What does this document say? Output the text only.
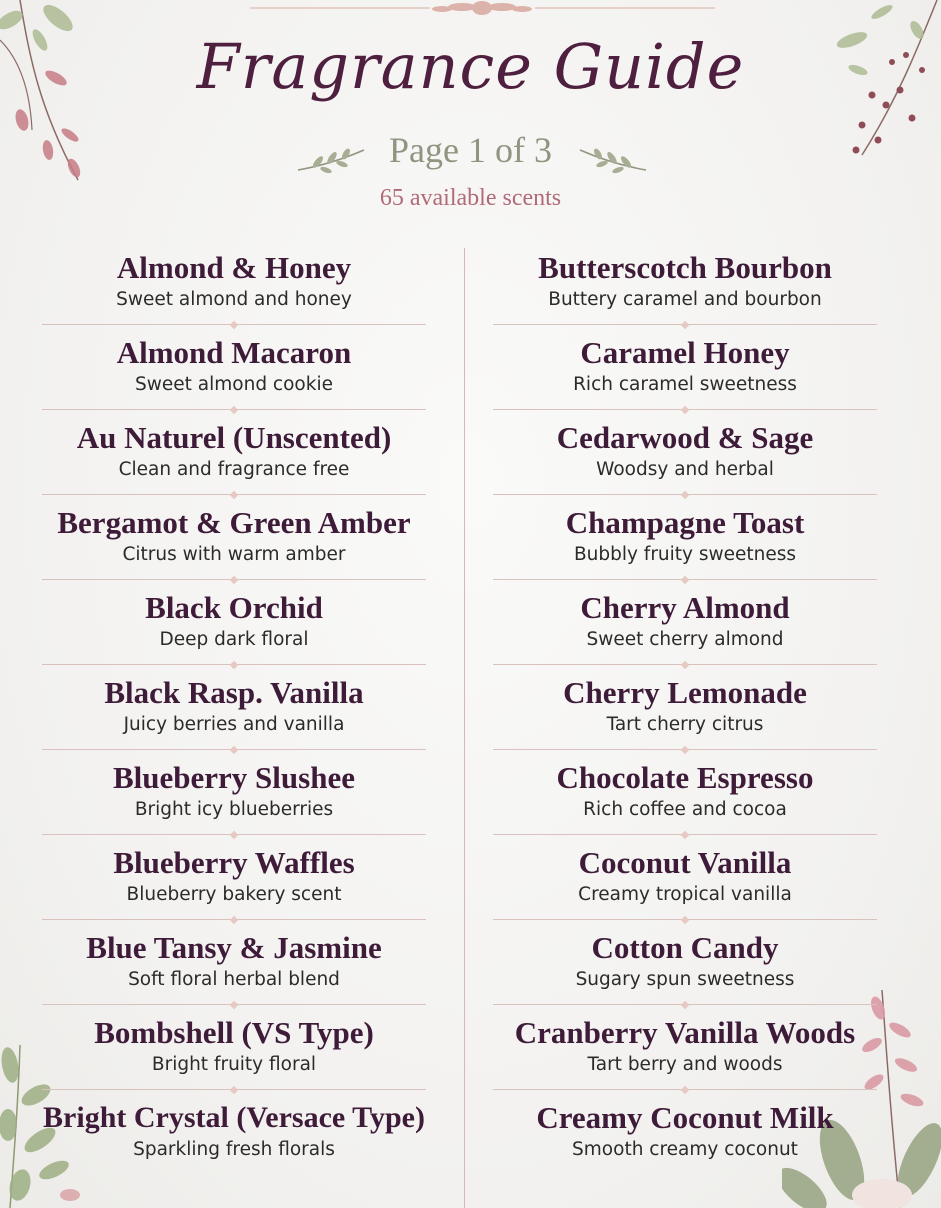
Fragrance Guide
Page 1 of 3
65 available scents
Almond & Honey
Sweet almond and honey
Almond Macaron
Sweet almond cookie
Au Naturel (Unscented)
Clean and fragrance free
Bergamot & Green Amber
Citrus with warm amber
Black Orchid
Deep dark floral
Black Rasp. Vanilla
Juicy berries and vanilla
Blueberry Slushee
Bright icy blueberries
Blueberry Waffles
Blueberry bakery scent
Blue Tansy & Jasmine
Soft floral herbal blend
Bombshell (VS Type)
Bright fruity floral
Bright Crystal (Versace Type)
Sparkling fresh florals
Butterscotch Bourbon
Buttery caramel and bourbon
Caramel Honey
Rich caramel sweetness
Cedarwood & Sage
Woodsy and herbal
Champagne Toast
Bubbly fruity sweetness
Cherry Almond
Sweet cherry almond
Cherry Lemonade
Tart cherry citrus
Chocolate Espresso
Rich coffee and cocoa
Coconut Vanilla
Creamy tropical vanilla
Cotton Candy
Sugary spun sweetness
Cranberry Vanilla Woods
Tart berry and woods
Creamy Coconut Milk
Smooth creamy coconut
